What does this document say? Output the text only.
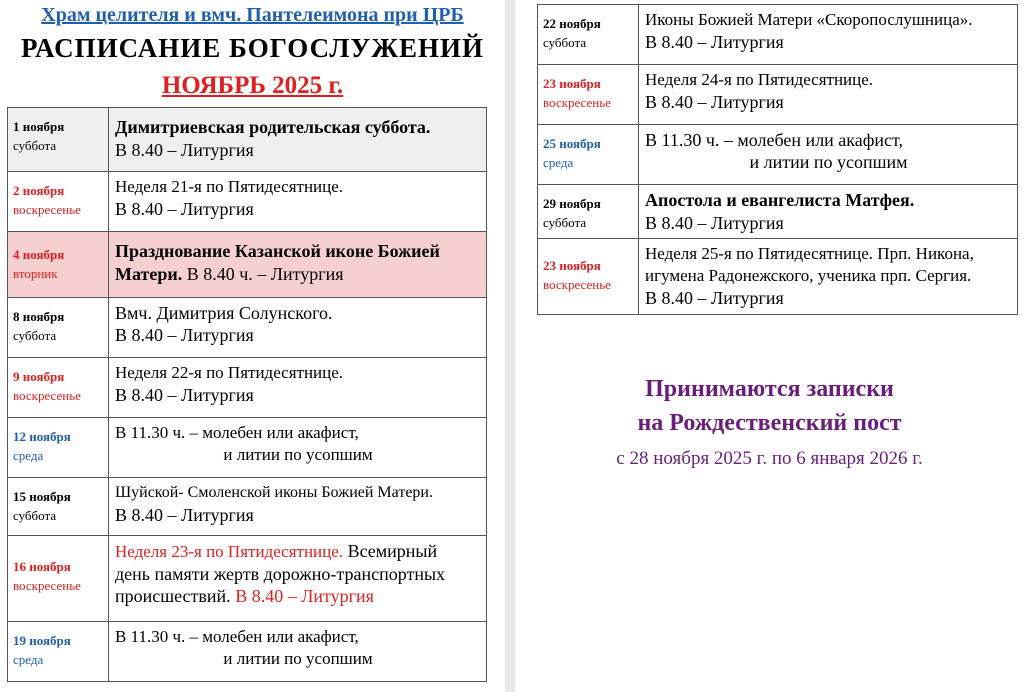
Храм целителя и вмч. Пантелеимона при ЦРБ
РАСПИСАНИЕ БОГОСЛУЖЕНИЙ
НОЯБРЬ 2025 г.
1 ноября
суббота	Димитриевская родительская суббота.
В 8.40 – Литургия

2 ноября
воскресенье	Неделя 21-я по Пятидесятнице.
В 8.40 – Литургия

4 ноября
вторник	Празднование Казанской иконе Божией
Матери. В 8.40 ч. – Литургия

8 ноября
суббота	Вмч. Димитрия Солунского.
В 8.40 – Литургия

9 ноября
воскресенье	Неделя 22-я по Пятидесятнице.
В 8.40 – Литургия

12 ноября
среда	В 11.30 ч. – молебен или акафист,
и литии по усопшим

15 ноября
суббота	Шуйской- Смоленской иконы Божией Матери.
В 8.40 – Литургия

16 ноября
воскресенье	Неделя 23-я по Пятидесятнице. Всемирный
день памяти жертв дорожно-транспортных
происшествий. В 8.40 – Литургия

19 ноября
среда	В 11.30 ч. – молебен или акафист,
и литии по усопшим
22 ноября
суббота	Иконы Божией Матери «Скоропослушница».
В 8.40 – Литургия

23 ноября
воскресенье	Неделя 24-я по Пятидесятнице.
В 8.40 – Литургия

25 ноября
среда	В 11.30 ч. – молебен или акафист,
и литии по усопшим

29 ноября
суббота	Апостола и евангелиста Матфея.
В 8.40 – Литургия

23 ноября
воскресенье	Неделя 25-я по Пятидесятнице. Прп. Никона,
игумена Радонежского, ученика прп. Сергия.
В 8.40 – Литургия
Принимаются записки
на Рождественский пост
с 28 ноября 2025 г. по 6 января 2026 г.
